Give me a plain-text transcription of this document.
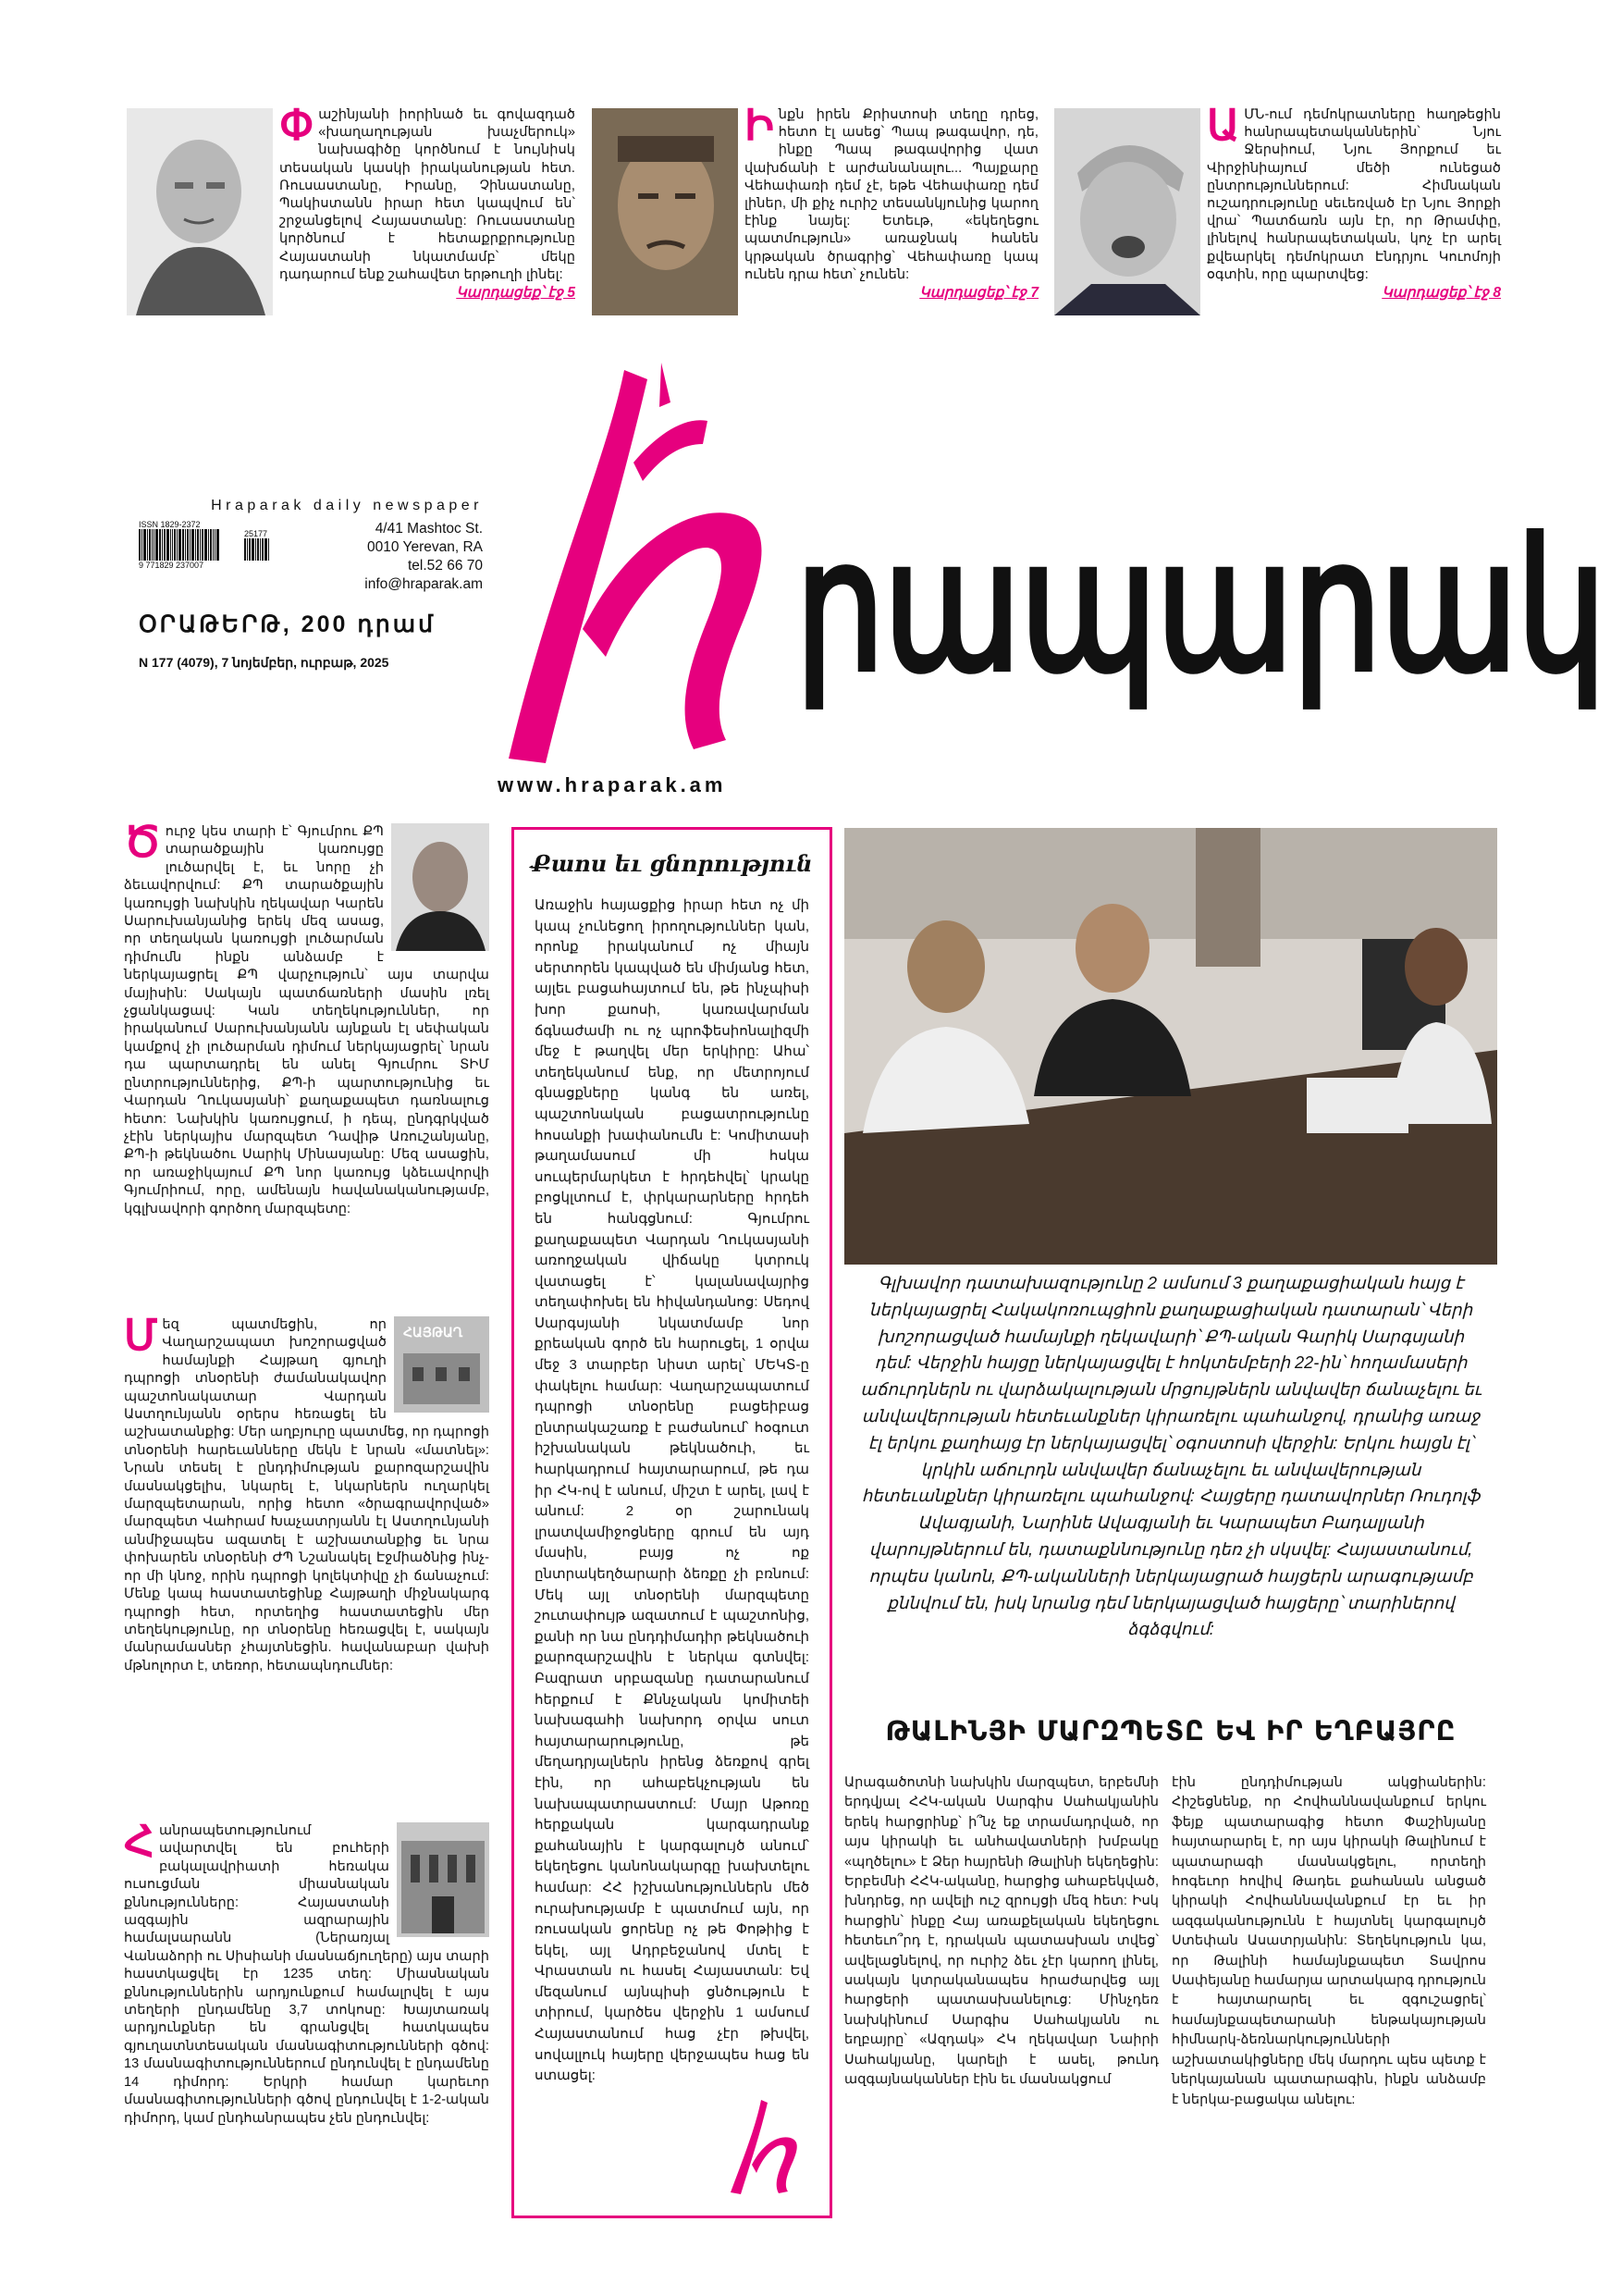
Փաշինյանի իորինած եւ գովազդած «խաղաղության խաչմերուկ» նախագիծը կործնում է նույնիսկ տեսական կասկի իրականության հետ. Ռուսաստանը, Իրանը, Չինաստանը, Պակիստանն իրար հետ կապվում են՝ շրջանցելով Հայաստանը: Ռուսաստանը կործնում է հետաքրքրությունը Հայաստանի նկատմամբ՝ մեկը դադարում ենք շահավետ երթուղի լինել:
Կարդացեք՝ էջ 5
Ինքն իրեն Քրիստոսի տեղը դրեց, հետո էլ ասեց՝ Պապ թագավոր, դե, ինքը Պապ թագավորից վատ վախճանի է արժանանալու... Պայքարը Վեհափառի դեմ չէ, եթե Վեհափառը դեմ լիներ, մի քիչ ուրիշ տեսանկյունից կարող էինք նայել: Ետեւթ, «եկեղեցու պատմություն» առաջնակ հանեն կրթական ծրագրից՝ Վեհափառը կապ ունեն դրա հետ՝ չունեն:
Կարդացեք՝ էջ 7
ԱՄՆ-ում դեմոկրատները հաղթեցին հանրապետականներին՝ Նյու Ջերսիում, Նյու Յորքում եւ Վիրջինիայում մեծի ունեցած ընտրություններում: Հիմնական ուշադրությունը սեւեռված էր Նյու Յորքի վրա՝ Պատճառն այն էր, որ Թրամփը, լինելով հանրապետական, կոչ էր արել քվեարկել դեմոկրատ Էնդրյու Կուոմոյի օգտին, որը պարտվեց:
Կարդացեք՝ էջ 8
Hraparak daily newspaper
ISSN 1829-2372
25177
9 771829 237007
4/41 Mashtoc St.
0010 Yerevan, RA
tel.52 66 70
info@hraparak.am
ՕՐԱԹԵՐԹ, 200 դրամ
N 177 (4079), 7 նոյեմբեր, ուրբաթ, 2025	րապարակ
www.hraparak.am
Ծուրջ կես տարի է՝ Գյումրու ՔՊ տարածքային կառույցը լուծարվել է, եւ նորը չի ձեւավորվում: ՔՊ տարածքային կառույցի նախկին ղեկավար Կարեն Սարուխանյանից երեկ մեզ ասաց, որ տեղական կառույցի լուծարման դիմումն ինքն անձամբ է ներկայացրել ՔՊ վարչություն՝ այս տարվա մայիսին: Սակայն պատճառների մասին լռել չցանկացավ: Կան տեղեկություններ, որ իրականում Սարուխանյանն այնքան էլ սեփական կամքով չի լուծարման դիմում ներկայացրել՝ նրան դա պարտադրել են անել Գյումրու ՏԻՄ ընտրություններից, ՔՊ-ի պարտությունից եւ Վարդան Ղուկասյանի՝ քաղաքապետ դառնալուց հետո: Նախկին կառույցում, ի դեպ, ընդգրկված չէին ներկայիս մարզպետ Դավիթ Առուշանյանը, ՔՊ-ի թեկնածու Սարիկ Մինասյանը: Մեզ ասացին, որ առաջիկայում ՔՊ նոր կառույց կձեւավորվի Գյումրիում, որը, ամենայն հավանականությամբ, կգլխավորի գործող մարզպետը:
ՀԱՅԹԱՂ
Մ եզ պատմեցին, որ Վաղարշապատ խոշորացված համայնքի Հայթաղ գյուղի դպրոցի տնօրենի ժամանակավոր պաշտոնակատար Վարդան Աստղունյանն օրերս հեռացել են աշխատանքից: Մեր աղբյուրը պատմեց, որ դպրոցի տնօրենի հարեւանները մեկն է նրան «մատնել»: Նրան տեսել է ընդդիմության քարոզարշավին մասնակցելիս, նկարել է, նկարներն ուղարկել մարզպետարան, որից հետո «ծրագրավորված» մարզպետ Վահրամ Խաչատրյանն էլ Աստղունյանի անմիջապես ազատել է աշխատանքից եւ նրա փոխարեն տնօրենի ԺՊ Նշանակել Էջմիածնից ինչ-որ մի կնոջ, որին դպրոցի կոլեկտիվը չի ճանաչում: Մենք կապ հաստատեցինք Հայթաղի միջնակարգ դպրոցի հետ, որտեղից հաստատեցին մեր տեղեկությունը, որ տնօրենը հեռացվել է, սակայն մանրամասներ չհայտնեցին. հավանաբար վախի մթնոլորտ է, տեռոր, հետապնդումներ:
Հանրապետությունում ավարտվել են բուհերի բակալավրիատի հեռակա ուսուցման միասնական քննությունները: Հայաստանի ազգային ազրարային համալսարանն (Ներառյալ Վանաձորի ու Սիսիանի մասնաճյուղերը) այս տարի հաստկացվել էր 1235 տեղ: Միասնական քննություններին արդյունքում համալրվել է այս տեղերի ընդամենը 3,7 տոկոսը: Խայտառակ արդյունքներ են գրանցվել հատկապես գյուղատնտեսական մասնագիտությունների գծով: 13 մասնագիտություններում ընդունվել է ընդամենը 14 դիմորդ: Երկրի համար կարեւոր մասնագիտությունների գծով ընդունվել է 1-2-ական դիմորդ, կամ ընդհանրապես չեն ընդունվել:
Քաոս եւ ցնորություն
Առաջին հայացքից իրար հետ ոչ մի կապ չունեցող իրողություններ կան, որոնք իրականում ոչ միայն սերտորեն կապված են միմյանց հետ, այլեւ բացահայտում են, թե ինչպիսի խոր քաոսի, կառավարման ճգնաժամի ու ոչ պրոֆեսիոնալիզմի մեջ է թաղվել մեր երկիրը: Ահա՝ տեղեկանում ենք, որ մետրոյում գնացքները կանգ են առել, պաշտոնական բացատրությունը հոսանքի խափանումն է: Կոմիտասի թաղամասում մի հսկա սուպերմարկետ է հրդեհվել՝ կրակը բոցկլտում է, փրկարարները հրդեհ են հանգցնում: Գյումրու քաղաքապետ Վարդան Ղուկասյանի առողջական վիճակը կտրուկ վատացել է՝ կալանավայրից տեղափոխել են հիվանդանոց: Սեդով Սարգսյանի նկատմամբ նոր քրեական գործ են հարուցել, 1 օրվա մեջ 3 տարբեր նիստ արել՝ ՄԵԿՏ-ը փակելու համար: Վաղարշապատում դպրոցի տնօրենը բացեիբաց ընտրակաշառք է բաժանում՝ հօգուտ իշխանական թեկնածուի, եւ հարկադրում հայտարարում, թե դա իր ՀԿ-ով է անում, միշտ է արել, լավ է անում: 2 օր շարունակ լրատվամիջոցները գրում են այդ մասին, բայց ոչ ոք ընտրակեղծարարի ձեռքը չի բռնում: Մեկ այլ տնօրենի մարզպետը շուտափույթ ազատում է պաշտոնից, քանի որ նա ընդդիմադիր թեկնածուի քարոզարշավին է ներկա գտնվել: Բազրատ սրբազանը դատարանում հերքում է Քննչական կոմիտեի նախագահի նախորդ օրվա սուտ հայտարարությունը, թե մեղադրյալներն իրենց ձեռքով գրել էին, որ ահաբեկչության են նախապատրաստում: Մայր Աթոռը հերքական կարգադրանք քահանային է կարգալույծ անում՝ եկեղեցու կանոնակարգը խախտելու համար: ՀՀ իշխանություններն մեծ ուրախությամբ է պատմում այն, որ ռուսական ցորենը ոչ թե Փոթիից է եկել, այլ Ադրբեջանով մտել է Վրաստան ու հասել Հայաստան: Եվ մեզանում այնպիսի ցնծություն է տիրում, կարծես վերջին 1 ամսում Հայաստանում հաց չէր թխվել, սովալլուկ հայերը վերջապես հաց են ստացել:
Գլխավոր դատախազությունը 2 ամսում 3 քաղաքացիական հայց է ներկայացրել Հակակոռուպցիոն քաղաքացիական դատարան՝ Վերի խոշորացված համայնքի ղեկավարի՝ ՔՊ-ական Գարիկ Սարգսյանի դեմ: Վերջին հայցը ներկայացվել է հոկտեմբերի 22-ին՝ հողամասերի աճուրդներն ու վարձակալության մրցույթներն անվավեր ճանաչելու եւ անվավերության հետեւանքներ կիրառելու պահանջով, դրանից առաջ էլ երկու քաղհայց էր ներկայացվել՝ օգոստոսի վերջին: Երկու հայցն էլ՝ կրկին աճուրդն անվավեր ճանաչելու եւ անվավերության հետեւանքներ կիրառելու պահանջով: Հայցերը դատավորներ Ռուդոլֆ Ավագյանի, Նարինե Ավագյանի եւ Կարապետ Բադալյանի վարույթներում են, դատաքննությունը դեռ չի սկսվել: Հայաստանում, որպես կանոն, ՔՊ-ականների ներկայացրած հայցերն արագությամբ քննվում են, իսկ նրանց դեմ ներկայացված հայցերը՝ տարիներով ձգձգվում:
ԹԱԼԻՆՅԻ ՄԱՐԶՊԵՏԸ ԵՎ ԻՐ ԵՂԲԱՅՐԸ
Արագածոտնի նախկին մարզպետ, երբեմնի երդվյալ ՀՀԿ-ական Սարգիս Սահակյանին երեկ հարցրինք՝ ի՞նչ եք տրամադրված, որ այս կիրակի եւ անհավատների խմբակը «պղծելու» է Ձեր հայրենի Թալինի եկեղեցին: Երբեմնի ՀՀԿ-ականը, հարցից ահաբեկված, խնդրեց, որ ավելի ուշ զրույցի մեզ հետ: Իսկ հարցին՝ ինքը Հայ առաքելական եկեղեցու հետեւո՞րդ է, դրական պատասխան տվեց՝ ավելացնելով, որ ուրիշ ձեւ չէր կարող լինել, սակայն կտրականապես հրաժարվեց այլ հարցերի պատասխանելուց: Մինչդեռ նախկինում Սարգիս Սահակյանն ու եղբայրը՝ «Ազդակ» ՀԿ ղեկավար Նաիրի Սահակյանը, կարելի է ասել, թունդ ազգայնականներ էին եւ մասնակցում
էին ընդդիմության ակցիաներին: Հիշեցնենք, որ Հովհաննավանքում երկու ֆեյք պատարագից հետո Փաշինյանը հայտարարել է, որ այս կիրակի Թալինում է պատարագի մասնակցելու, որտեղի հոգեւոր հովիվ Թադեւ քահանան անցած կիրակի Հովհաննավանքում էր եւ իր ազգականությունն է հայտնել կարգալույծ Ստեփան Ասատրյանին: Տեղեկություն կա, որ Թալինի համայնքապետ Տավրոս Սափեյանը համարյա արտակարգ դրություն է հայտարարել եւ զգուշացրել՝ համայնքապետարանի ենթակայության հիմնարկ-ձեռնարկությունների աշխատակիցները մեկ մարդու պես պետք է ներկայանան պատարագին, ինքն անձամբ է ներկա-բացակա անելու:
